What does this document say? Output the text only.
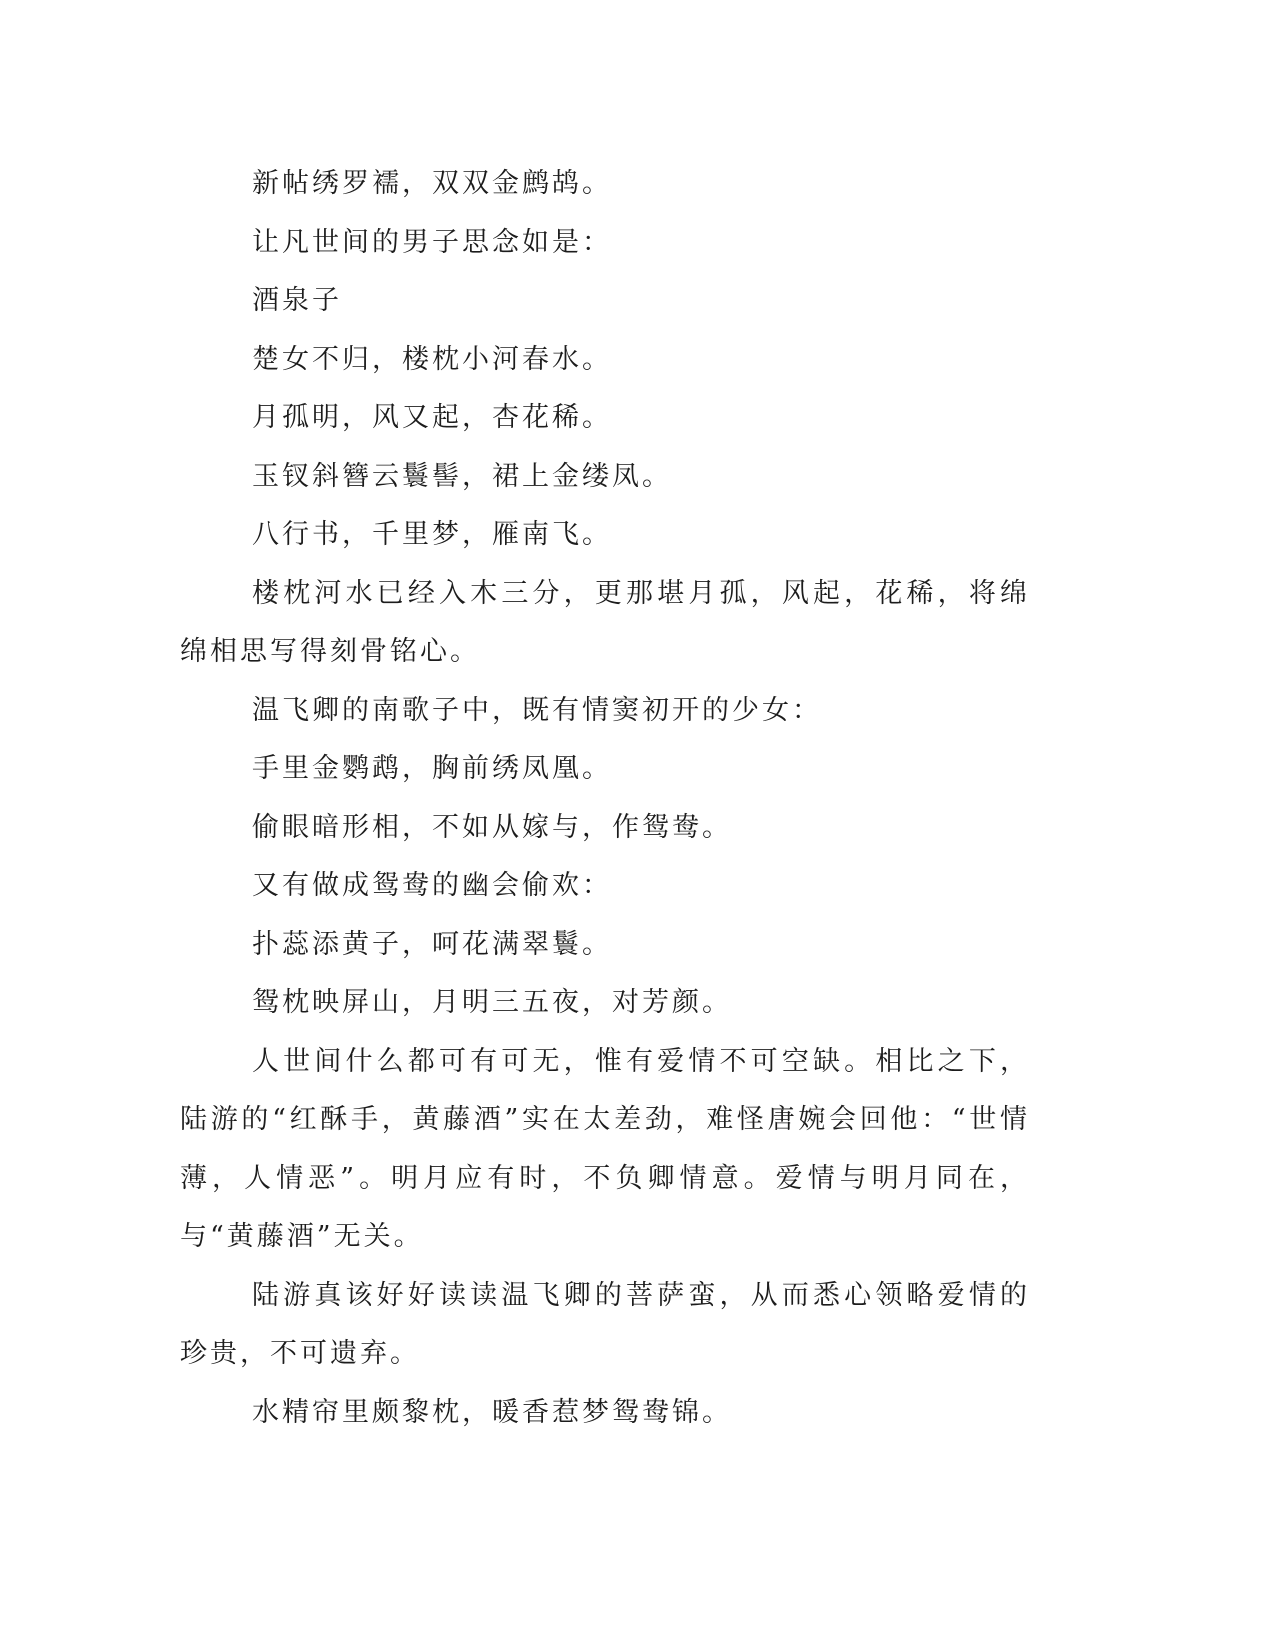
新帖绣罗襦，双双金鹧鸪。

让凡世间的男子思念如是：

酒泉子

楚女不归，楼枕小河春水。

月孤明，风又起，杏花稀。

玉钗斜簪云鬟髻，裙上金缕凤。

八行书，千里梦，雁南飞。

楼枕河水已经入木三分，更那堪月孤，风起，花稀，将绵绵相思写得刻骨铭心。

温飞卿的南歌子中，既有情窦初开的少女：

手里金鹦鹉，胸前绣凤凰。

偷眼暗形相，不如从嫁与，作鸳鸯。

又有做成鸳鸯的幽会偷欢：

扑蕊添黄子，呵花满翠鬟。

鸳枕映屏山，月明三五夜，对芳颜。

人世间什么都可有可无，惟有爱情不可空缺。相比之下，陆游的“红酥手，黄藤酒”实在太差劲，难怪唐婉会回他：“世情薄，人情恶”。明月应有时，不负卿情意。爱情与明月同在，与“黄藤酒”无关。

陆游真该好好读读温飞卿的菩萨蛮，从而悉心领略爱情的珍贵，不可遗弃。

水精帘里颇黎枕，暖香惹梦鸳鸯锦。
